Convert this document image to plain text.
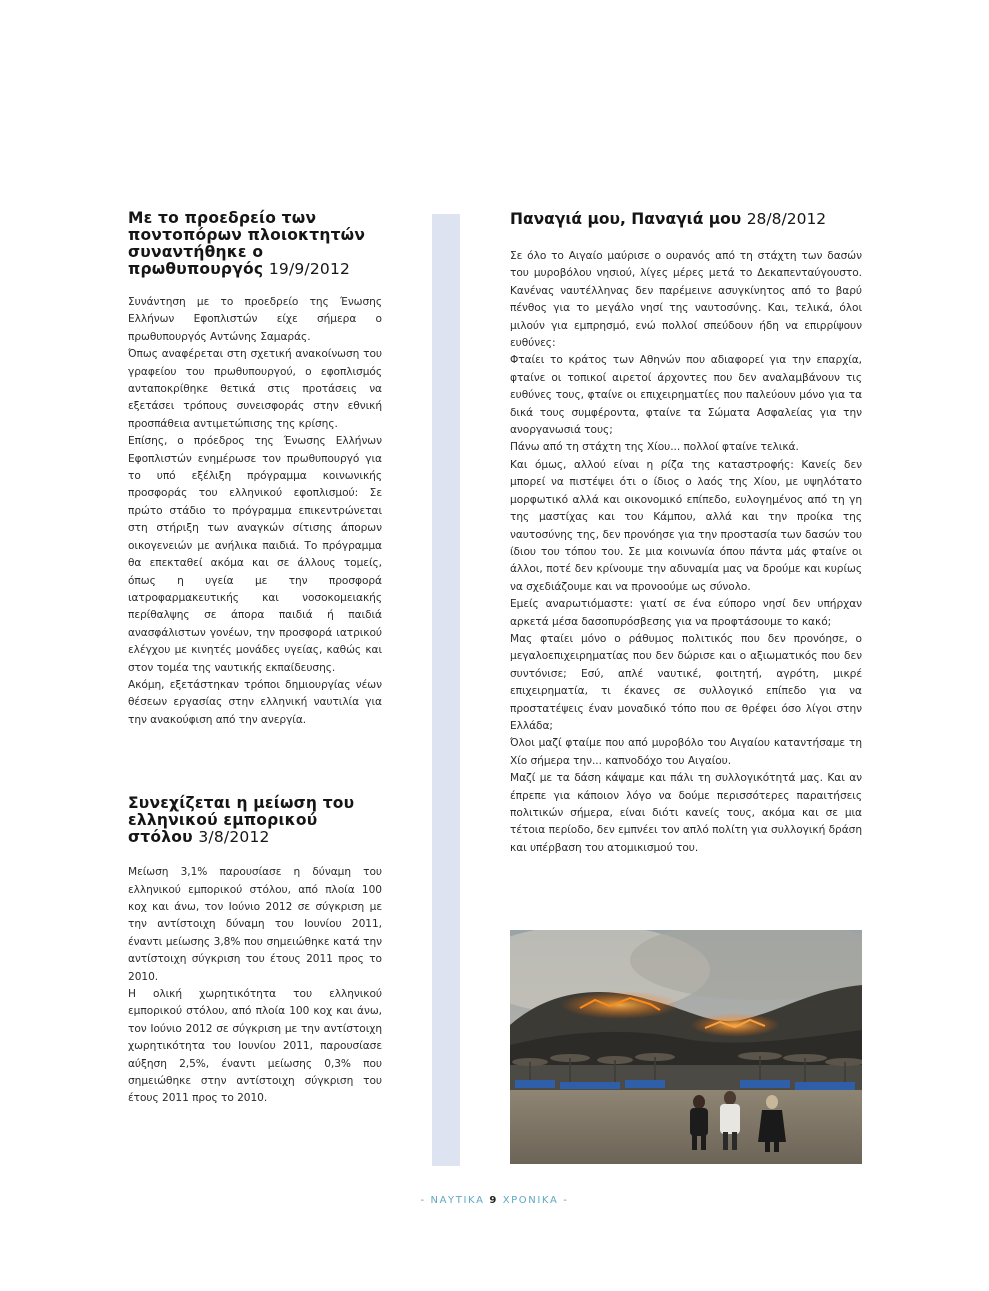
Με το προεδρείο των ποντοπόρων πλοιοκτητών συναντήθηκε ο πρωθυπουργός 19/9/2012

Συνάντηση με το προεδρείο της Ένωσης Ελλήνων Εφοπλιστών είχε σήμερα ο πρωθυπουργός Αντώνης Σαμαράς.

Όπως αναφέρεται στη σχετική ανακοίνωση του γραφείου του πρωθυπουργού, ο εφοπλισμός ανταποκρίθηκε θετικά στις προτάσεις να εξετάσει τρόπους συνεισφοράς στην εθνική προσπάθεια αντιμετώπισης της κρίσης.

Επίσης, ο πρόεδρος της Ένωσης Ελλήνων Εφοπλιστών ενημέρωσε τον πρωθυπουργό για το υπό εξέλιξη πρόγραμμα κοινωνικής προσφοράς του ελληνικού εφοπλισμού: Σε πρώτο στάδιο το πρόγραμμα επικεντρώνεται στη στήριξη των αναγκών σίτισης άπορων οικογενειών με ανήλικα παιδιά. Το πρόγραμμα θα επεκταθεί ακόμα και σε άλλους τομείς, όπως η υγεία με την προσφορά ιατροφαρμακευτικής και νοσοκομειακής περίθαλψης σε άπορα παιδιά ή παιδιά ανασφάλιστων γονέων, την προσφορά ιατρικού ελέγχου με κινητές μονάδες υγείας, καθώς και στον τομέα της ναυτικής εκπαίδευσης.

Ακόμη, εξετάστηκαν τρόποι δημιουργίας νέων θέσεων εργασίας στην ελληνική ναυτιλία για την ανακούφιση από την ανεργία.

Συνεχίζεται η μείωση του ελληνικού εμπορικού στόλου 3/8/2012

Μείωση 3,1% παρουσίασε η δύναμη του ελληνικού εμπορικού στόλου, από πλοία 100 κοχ και άνω, τον Ιούνιο 2012 σε σύγκριση με την αντίστοιχη δύναμη του Ιουνίου 2011, έναντι μείωσης 3,8% που σημειώθηκε κατά την αντίστοιχη σύγκριση του έτους 2011 προς το 2010.

Η ολική χωρητικότητα του ελληνικού εμπορικού στόλου, από πλοία 100 κοχ και άνω, τον Ιούνιο 2012 σε σύγκριση με την αντίστοιχη χωρητικότητα του Ιουνίου 2011, παρουσίασε αύξηση 2,5%, έναντι μείωσης 0,3% που σημειώθηκε στην αντίστοιχη σύγκριση του έτους 2011 προς το 2010.

Παναγιά μου, Παναγιά μου 28/8/2012

Σε όλο το Αιγαίο μαύρισε ο ουρανός από τη στάχτη των δασών του μυροβόλου νησιού, λίγες μέρες μετά το Δεκαπενταύγουστο. Κανένας ναυτέλληνας δεν παρέμεινε ασυγκίνητος από το βαρύ πένθος για το μεγάλο νησί της ναυτοσύνης. Και, τελικά, όλοι μιλούν για εμπρησμό, ενώ πολλοί σπεύδουν ήδη να επιρρίψουν ευθύνες:

Φταίει το κράτος των Αθηνών που αδιαφορεί για την επαρχία, φταίνε οι τοπικοί αιρετοί άρχοντες που δεν αναλαμβάνουν τις ευθύνες τους, φταίνε οι επιχειρηματίες που παλεύουν μόνο για τα δικά τους συμφέροντα, φταίνε τα Σώματα Ασφαλείας για την ανοργανωσιά τους;

Πάνω από τη στάχτη της Χίου... πολλοί φταίνε τελικά.

Και όμως, αλλού είναι η ρίζα της καταστροφής: Κανείς δεν μπορεί να πιστέψει ότι ο ίδιος ο λαός της Χίου, με υψηλότατο μορφωτικό αλλά και οικονομικό επίπεδο, ευλογημένος από τη γη της μαστίχας και του Κάμπου, αλλά και την προίκα της ναυτοσύνης της, δεν προνόησε για την προστασία των δασών του ίδιου του τόπου του. Σε μια κοινωνία όπου πάντα μάς φταίνε οι άλλοι, ποτέ δεν κρίνουμε την αδυναμία μας να δρούμε και κυρίως να σχεδιάζουμε και να προνοούμε ως σύνολο.

Εμείς αναρωτιόμαστε: γιατί σε ένα εύπορο νησί δεν υπήρχαν αρκετά μέσα δασοπυρόσβεσης για να προφτάσουμε το κακό;

Μας φταίει μόνο ο ράθυμος πολιτικός που δεν προνόησε, ο μεγαλοεπιχειρηματίας που δεν δώρισε και ο αξιωματικός που δεν συντόνισε; Εσύ, απλέ ναυτικέ, φοιτητή, αγρότη, μικρέ επιχειρηματία, τι έκανες σε συλλογικό επίπεδο για να προστατέψεις έναν μοναδικό τόπο που σε θρέφει όσο λίγοι στην Ελλάδα;

Όλοι μαζί φταίμε που από μυροβόλο του Αιγαίου καταντήσαμε τη Χίο σήμερα την... καπνοδόχο του Αιγαίου.

Μαζί με τα δάση κάψαμε και πάλι τη συλλογικότητά μας. Και αν έπρεπε για κάποιον λόγο να δούμε περισσότερες παραιτήσεις πολιτικών σήμερα, είναι διότι κανείς τους, ακόμα και σε μια τέτοια περίοδο, δεν εμπνέει τον απλό πολίτη για συλλογική δράση και υπέρβαση του ατομικισμού του.

- ΝΑΥΤΙΚΑ 9 ΧΡΟΝΙΚΑ -
